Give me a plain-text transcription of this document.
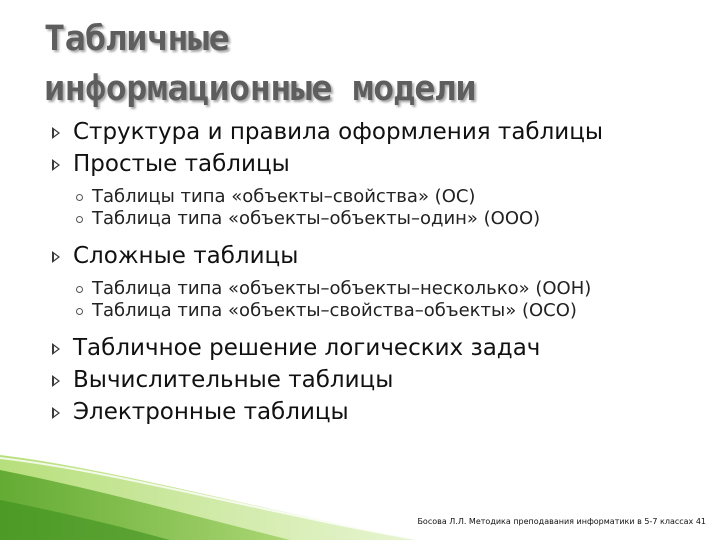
Табличные
информационные модели
Структура и правила оформления таблицы
Простые таблицы
Таблицы типа «объекты–свойства» (ОС)
Таблица типа «объекты–объекты–один» (ООО)
Сложные таблицы
Таблица типа «объекты–объекты–несколько» (ООН)
Таблица типа «объекты–свойства–объекты» (ОСО)
Табличное решение логических задач
Вычислительные таблицы
Электронные таблицы
Босова Л.Л. Методика преподавания информатики в 5-7 классах 41
